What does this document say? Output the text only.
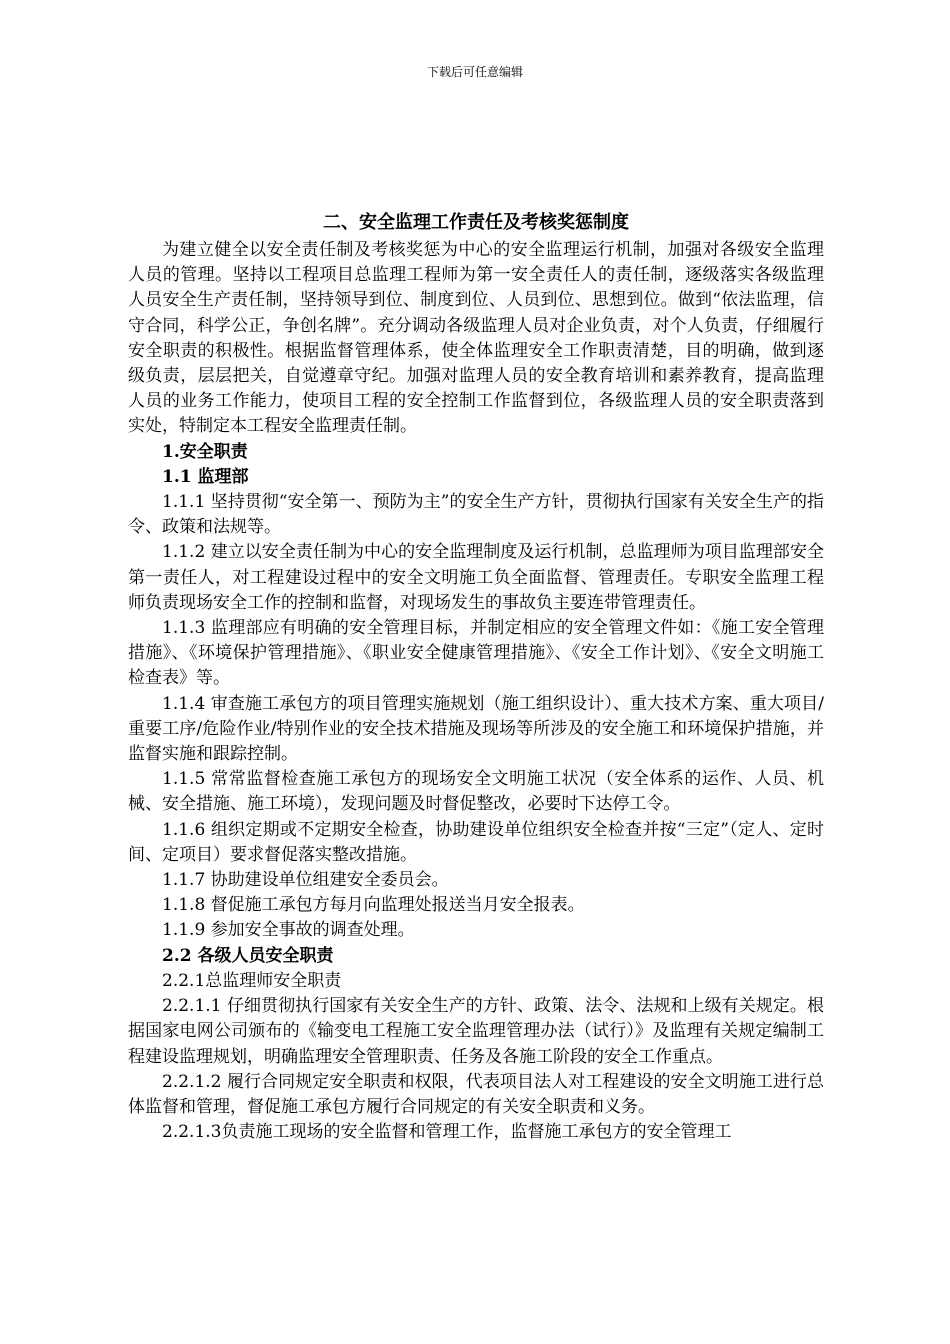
下载后可任意编辑

二、安全监理工作责任及考核奖惩制度

为建立健全以安全责任制及考核奖惩为中心的安全监理运行机制，加强对各级安全监理人员的管理。坚持以工程项目总监理工程师为第一安全责任人的责任制，逐级落实各级监理人员安全生产责任制，坚持领导到位、制度到位、人员到位、思想到位。做到“依法监理，信守合同，科学公正，争创名牌”。充分调动各级监理人员对企业负责，对个人负责，仔细履行安全职责的积极性。根据监督管理体系，使全体监理安全工作职责清楚，目的明确，做到逐级负责，层层把关，自觉遵章守纪。加强对监理人员的安全教育培训和素养教育，提高监理人员的业务工作能力，使项目工程的安全控制工作监督到位，各级监理人员的安全职责落到实处，特制定本工程安全监理责任制。

1.安全职责

1.1 监理部

1.1.1 坚持贯彻“安全第一、预防为主”的安全生产方针，贯彻执行国家有关安全生产的指令、政策和法规等。

1.1.2 建立以安全责任制为中心的安全监理制度及运行机制，总监理师为项目监理部安全第一责任人，对工程建设过程中的安全文明施工负全面监督、管理责任。专职安全监理工程师负责现场安全工作的控制和监督，对现场发生的事故负主要连带管理责任。

1.1.3 监理部应有明确的安全管理目标，并制定相应的安全管理文件如：《施工安全管理措施》、《环境保护管理措施》、《职业安全健康管理措施》、《安全工作计划》、《安全文明施工检查表》等。

1.1.4 审查施工承包方的项目管理实施规划（施工组织设计）、重大技术方案、重大项目/重要工序/危险作业/特别作业的安全技术措施及现场等所涉及的安全施工和环境保护措施，并监督实施和跟踪控制。

1.1.5 常常监督检查施工承包方的现场安全文明施工状况（安全体系的运作、人员、机械、安全措施、施工环境），发现问题及时督促整改，必要时下达停工令。

1.1.6 组织定期或不定期安全检查，协助建设单位组织安全检查并按“三定”（定人、定时间、定项目）要求督促落实整改措施。

1.1.7 协助建设单位组建安全委员会。

1.1.8 督促施工承包方每月向监理处报送当月安全报表。

1.1.9 参加安全事故的调查处理。

2.2 各级人员安全职责

2.2.1总监理师安全职责

2.2.1.1 仔细贯彻执行国家有关安全生产的方针、政策、法令、法规和上级有关规定。根据国家电网公司颁布的《输变电工程施工安全监理管理办法（试行）》及监理有关规定编制工程建设监理规划，明确监理安全管理职责、任务及各施工阶段的安全工作重点。

2.2.1.2 履行合同规定安全职责和权限，代表项目法人对工程建设的安全文明施工进行总体监督和管理，督促施工承包方履行合同规定的有关安全职责和义务。

2.2.1.3负责施工现场的安全监督和管理工作，监督施工承包方的安全管理工
